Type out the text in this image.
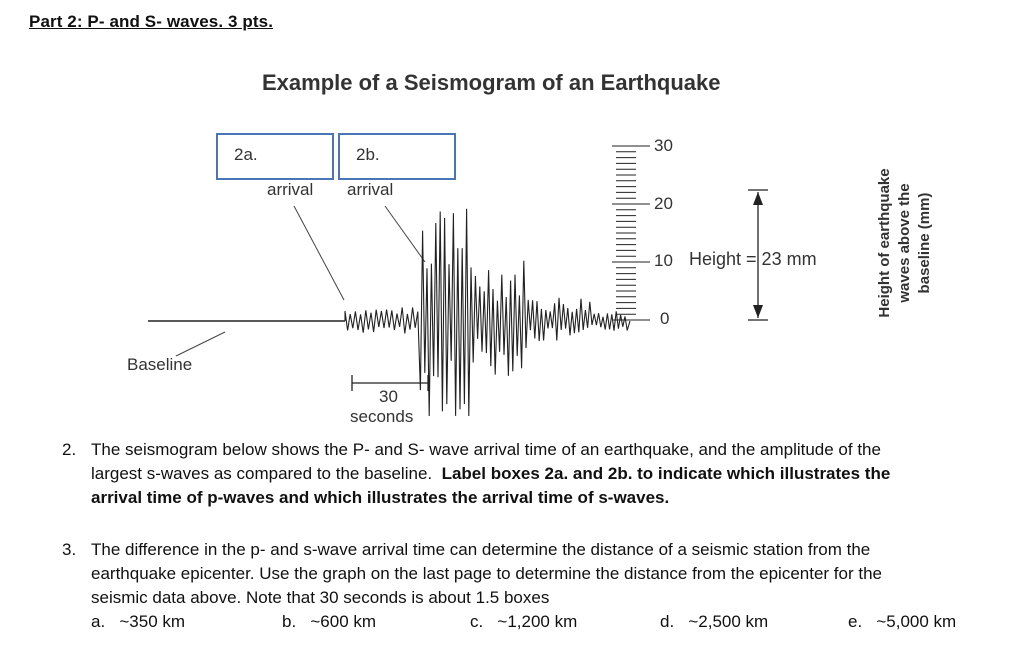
Part 2: P- and S- waves. 3 pts.
Example of a Seismogram of an Earthquake
2a.	2b.
arrival arrival
Baseline
30
seconds
30
20
10
0
Height = 23 mm	Height of earthquake waves above the baseline (mm)
2. The seismogram below shows the P- and S- wave arrival time of an earthquake, and the amplitude of the
largest s-waves as compared to the baseline. Label boxes 2a. and 2b. to indicate which illustrates the
arrival time of p-waves and which illustrates the arrival time of s-waves.
3. The difference in the p- and s-wave arrival time can determine the distance of a seismic station from the
earthquake epicenter. Use the graph on the last page to determine the distance from the epicenter for the
seismic data above. Note that 30 seconds is about 1.5 boxes
a. ~350 km	b. ~600 km	c. ~1,200 km	d. ~2,500 km	e. ~5,000 km
